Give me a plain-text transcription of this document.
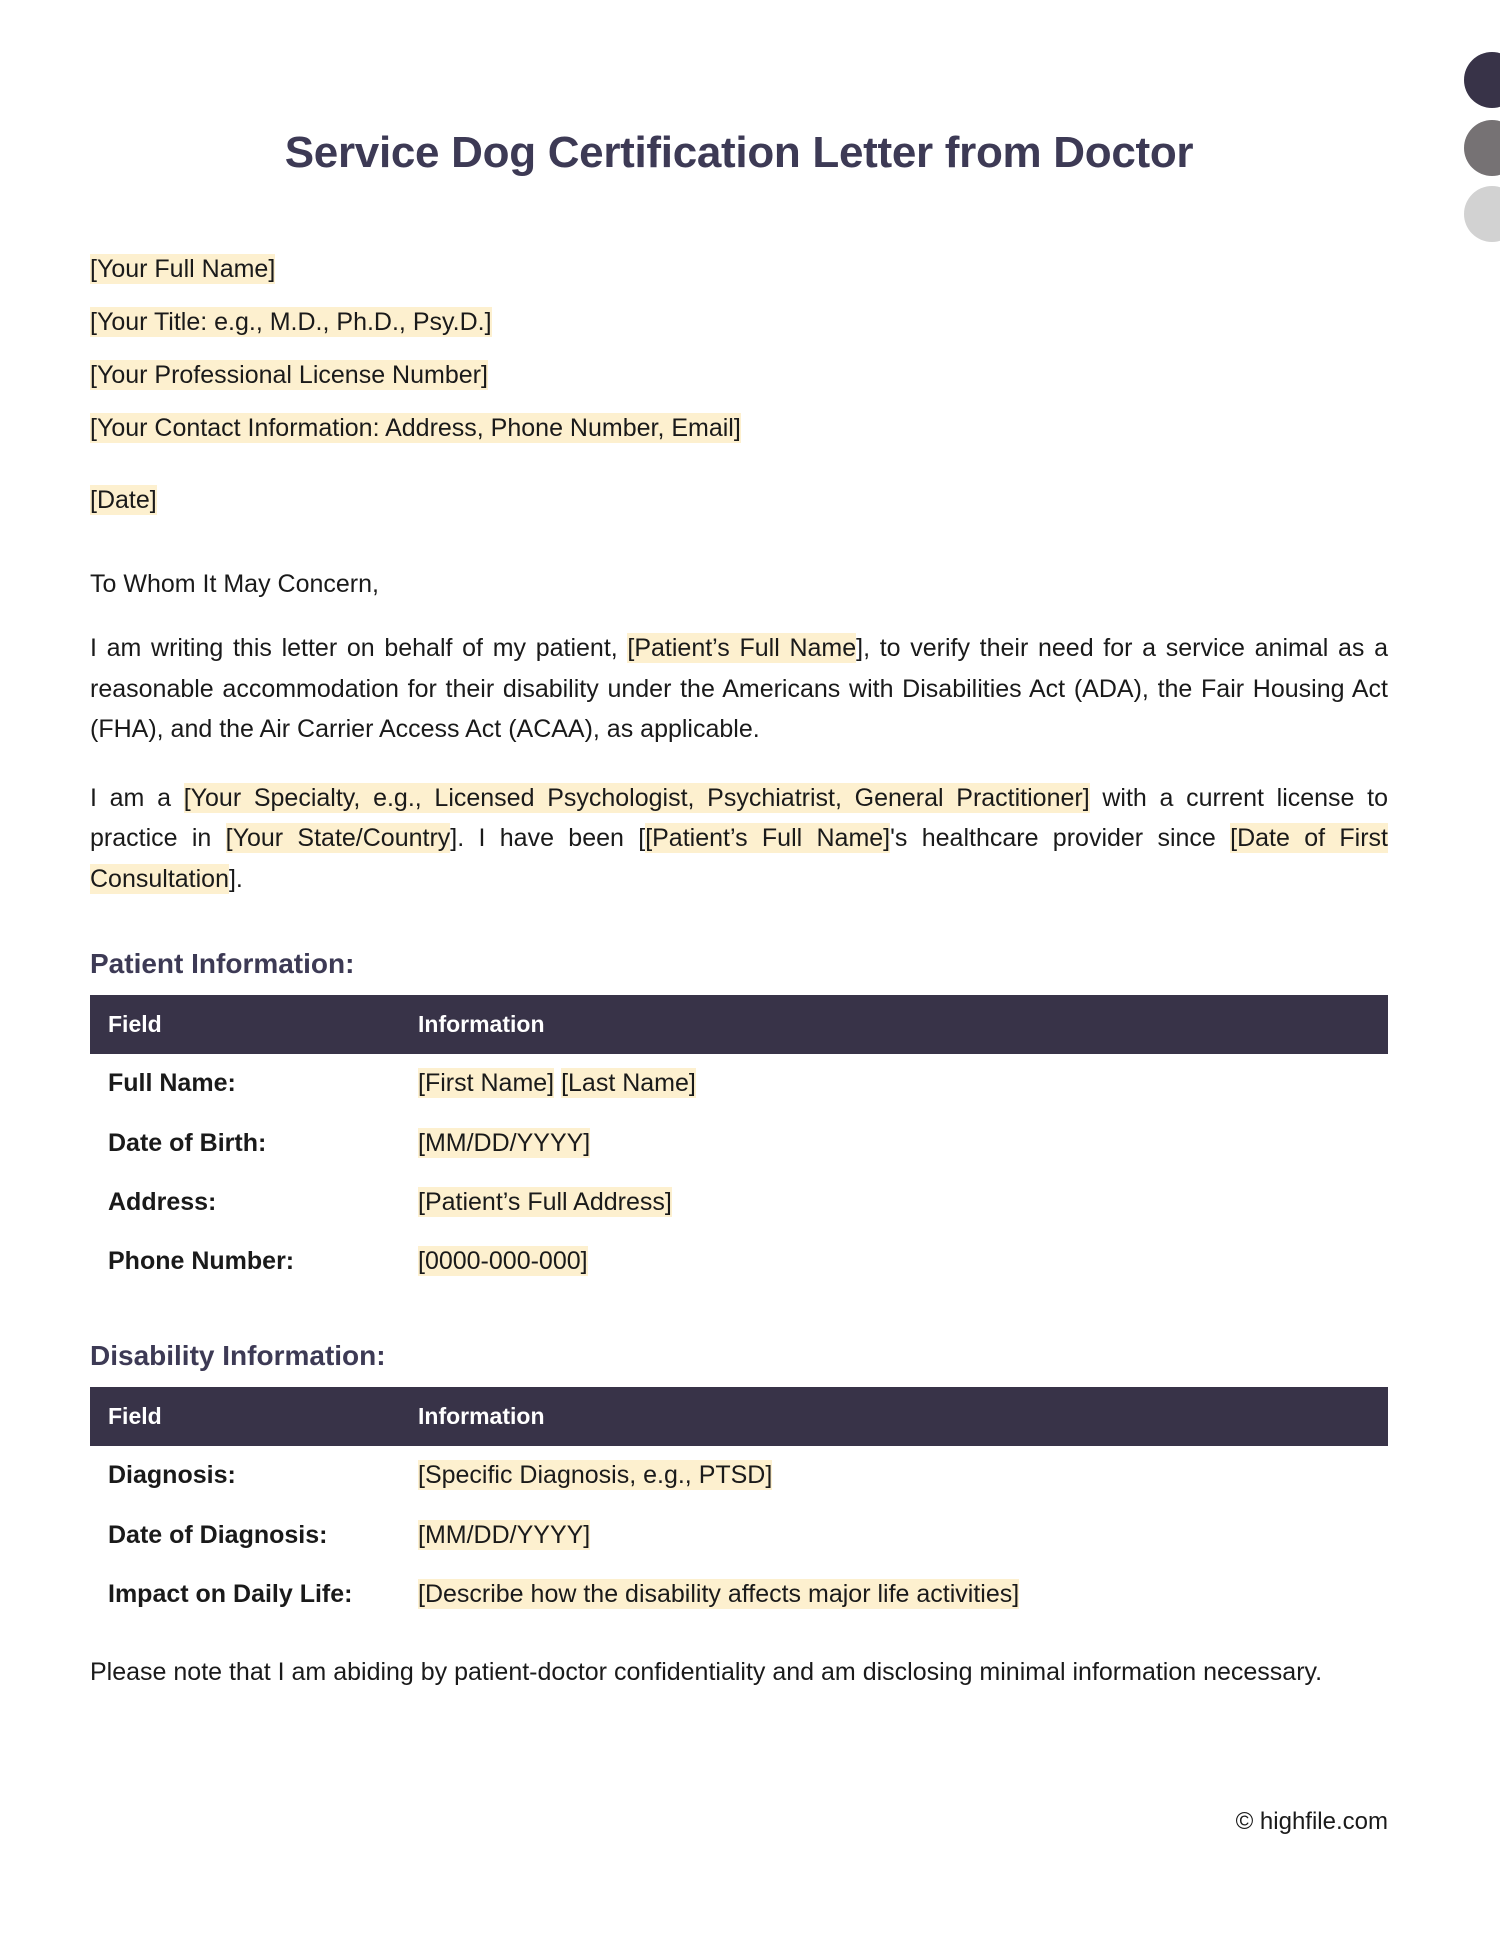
Service Dog Certification Letter from Doctor
[Your Full Name]
[Your Title: e.g., M.D., Ph.D., Psy.D.]
[Your Professional License Number]
[Your Contact Information: Address, Phone Number, Email]
[Date]
To Whom It May Concern,

I am writing this letter on behalf of my patient, [Patient’s Full Name], to verify their need for a service animal as a reasonable accommodation for their disability under the Americans with Disabilities Act (ADA), the Fair Housing Act (FHA), and the Air Carrier Access Act (ACAA), as applicable.

I am a [Your Specialty, e.g., Licensed Psychologist, Psychiatrist, General Practitioner] with a current license to practice in [Your State/Country]. I have been [[Patient’s Full Name]'s healthcare provider since [Date of First Consultation].

Patient Information:
Field	Information
Full Name:	[First Name] [Last Name]
Date of Birth:	[MM/DD/YYYY]
Address:	[Patient’s Full Address]
Phone Number:	[0000-000-000]
Disability Information:
Field	Information
Diagnosis:	[Specific Diagnosis, e.g., PTSD]
Date of Diagnosis:	[MM/DD/YYYY]
Impact on Daily Life:	[Describe how the disability affects major life activities]

Please note that I am abiding by patient-doctor confidentiality and am disclosing minimal information necessary.

© highfile.com
